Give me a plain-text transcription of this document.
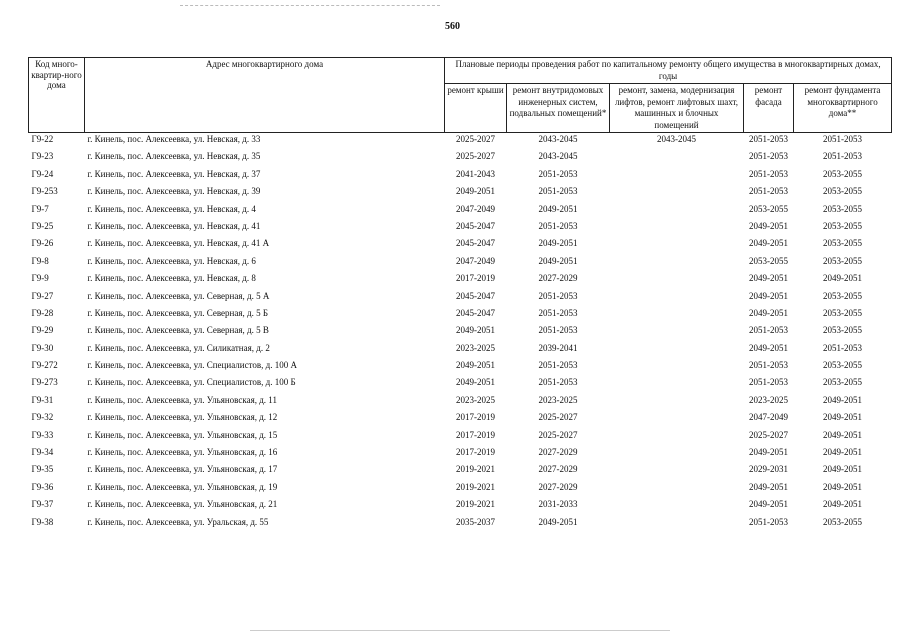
560
Код много-квартир-ного дома	Адрес многоквартирного дома	Плановые периоды проведения работ по капитальному ремонту общего имущества в многоквартирных домах, годы				
		ремонт крыши	ремонт внутридомовых инженерных систем, подвальных помещений*	ремонт, замена, модернизация лифтов, ремонт лифтовых шахт, машинных и блочных помещений	ремонт фасада	ремонт фундамента многоквартирного дома**
Г9-22	г. Кинель, пос. Алексеевка, ул. Невская, д. 33	2025-2027	2043-2045	2043-2045	2051-2053	2051-2053
Г9-23	г. Кинель, пос. Алексеевка, ул. Невская, д. 35	2025-2027	2043-2045		2051-2053	2051-2053
Г9-24	г. Кинель, пос. Алексеевка, ул. Невская, д. 37	2041-2043	2051-2053		2051-2053	2053-2055
Г9-253	г. Кинель, пос. Алексеевка, ул. Невская, д. 39	2049-2051	2051-2053		2051-2053	2053-2055
Г9-7	г. Кинель, пос. Алексеевка, ул. Невская, д. 4	2047-2049	2049-2051		2053-2055	2053-2055
Г9-25	г. Кинель, пос. Алексеевка, ул. Невская, д. 41	2045-2047	2051-2053		2049-2051	2053-2055
Г9-26	г. Кинель, пос. Алексеевка, ул. Невская, д. 41 А	2045-2047	2049-2051		2049-2051	2053-2055
Г9-8	г. Кинель, пос. Алексеевка, ул. Невская, д. 6	2047-2049	2049-2051		2053-2055	2053-2055
Г9-9	г. Кинель, пос. Алексеевка, ул. Невская, д. 8	2017-2019	2027-2029		2049-2051	2049-2051
Г9-27	г. Кинель, пос. Алексеевка, ул. Северная, д. 5 А	2045-2047	2051-2053		2049-2051	2053-2055
Г9-28	г. Кинель, пос. Алексеевка, ул. Северная, д. 5 Б	2045-2047	2051-2053		2049-2051	2053-2055
Г9-29	г. Кинель, пос. Алексеевка, ул. Северная, д. 5 В	2049-2051	2051-2053		2051-2053	2053-2055
Г9-30	г. Кинель, пос. Алексеевка, ул. Силикатная, д. 2	2023-2025	2039-2041		2049-2051	2051-2053
Г9-272	г. Кинель, пос. Алексеевка, ул. Специалистов, д. 100 А	2049-2051	2051-2053		2051-2053	2053-2055
Г9-273	г. Кинель, пос. Алексеевка, ул. Специалистов, д. 100 Б	2049-2051	2051-2053		2051-2053	2053-2055
Г9-31	г. Кинель, пос. Алексеевка, ул. Ульяновская, д. 11	2023-2025	2023-2025		2023-2025	2049-2051
Г9-32	г. Кинель, пос. Алексеевка, ул. Ульяновская, д. 12	2017-2019	2025-2027		2047-2049	2049-2051
Г9-33	г. Кинель, пос. Алексеевка, ул. Ульяновская, д. 15	2017-2019	2025-2027		2025-2027	2049-2051
Г9-34	г. Кинель, пос. Алексеевка, ул. Ульяновская, д. 16	2017-2019	2027-2029		2049-2051	2049-2051
Г9-35	г. Кинель, пос. Алексеевка, ул. Ульяновская, д. 17	2019-2021	2027-2029		2029-2031	2049-2051
Г9-36	г. Кинель, пос. Алексеевка, ул. Ульяновская, д. 19	2019-2021	2027-2029		2049-2051	2049-2051
Г9-37	г. Кинель, пос. Алексеевка, ул. Ульяновская, д. 21	2019-2021	2031-2033		2049-2051	2049-2051
Г9-38	г. Кинель, пос. Алексеевка, ул. Уральская, д. 55	2035-2037	2049-2051		2051-2053	2053-2055
